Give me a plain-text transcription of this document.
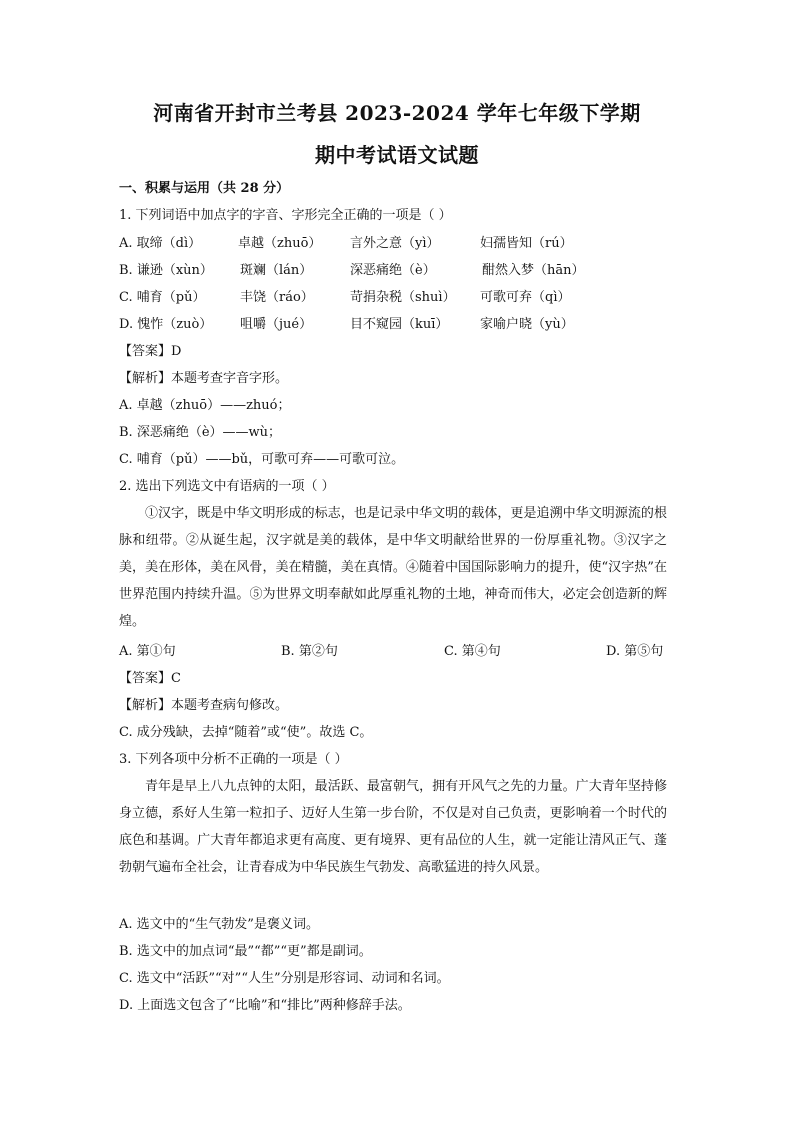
河南省开封市兰考县 2023-2024 学年七年级下学期
期中考试语文试题
一、积累与运用（共 28 分）
1. 下列词语中加点字的字音、字形完全正确的一项是（ ）
A. 取缔（dì）	卓越（zhuō） 言外之意（yì）	妇孺皆知（rú）
B. 谦逊（xùn） 斑斓（lán）	深恶痛绝（è）	酣然入梦（hān）
C. 哺育（pǔ）	丰饶（ráo）	苛捐杂税（shuì） 可歌可弃（qì）
D. 愧怍（zuò） 咀嚼（jué）	目不窥园（kuī） 家喻户晓（yù）
【答案】D
【解析】本题考查字音字形。
A. 卓越（zhuō）——zhuó；
B. 深恶痛绝（è）——wù；
C. 哺育（pǔ）——bǔ，可歌可弃——可歌可泣。
2. 选出下列选文中有语病的一项（ ）
①汉字，既是中华文明形成的标志，也是记录中华文明的载体，更是追溯中华文明源流的根脉和纽带。②从诞生起，汉字就是美的载体，是中华文明献给世界的一份厚重礼物。③汉字之美，美在形体，美在风骨，美在精髓，美在真情。④随着中国国际影响力的提升，使“汉字热”在世界范围内持续升温。⑤为世界文明奉献如此厚重礼物的土地，神奇而伟大，必定会创造新的辉煌。
A. 第①句	B. 第②句	C. 第④句	D. 第⑤句
【答案】C
【解析】本题考查病句修改。
C. 成分残缺，去掉“随着”或“使”。故选 C。
3. 下列各项中分析不正确的一项是（ ）
青年是早上八九点钟的太阳，最活跃、最富朝气，拥有开风气之先的力量。广大青年坚持修身立德，系好人生第一粒扣子、迈好人生第一步台阶，不仅是对自己负责，更影响着一个时代的底色和基调。广大青年都追求更有高度、更有境界、更有品位的人生，就一定能让清风正气、蓬勃朝气遍布全社会，让青春成为中华民族生气勃发、高歌猛进的持久风景。
A. 选文中的“生气勃发”是褒义词。
B. 选文中的加点词“最”“都”“更”都是副词。
C. 选文中“活跃”“对”“人生”分别是形容词、动词和名词。
D. 上面选文包含了“比喻”和“排比”两种修辞手法。
